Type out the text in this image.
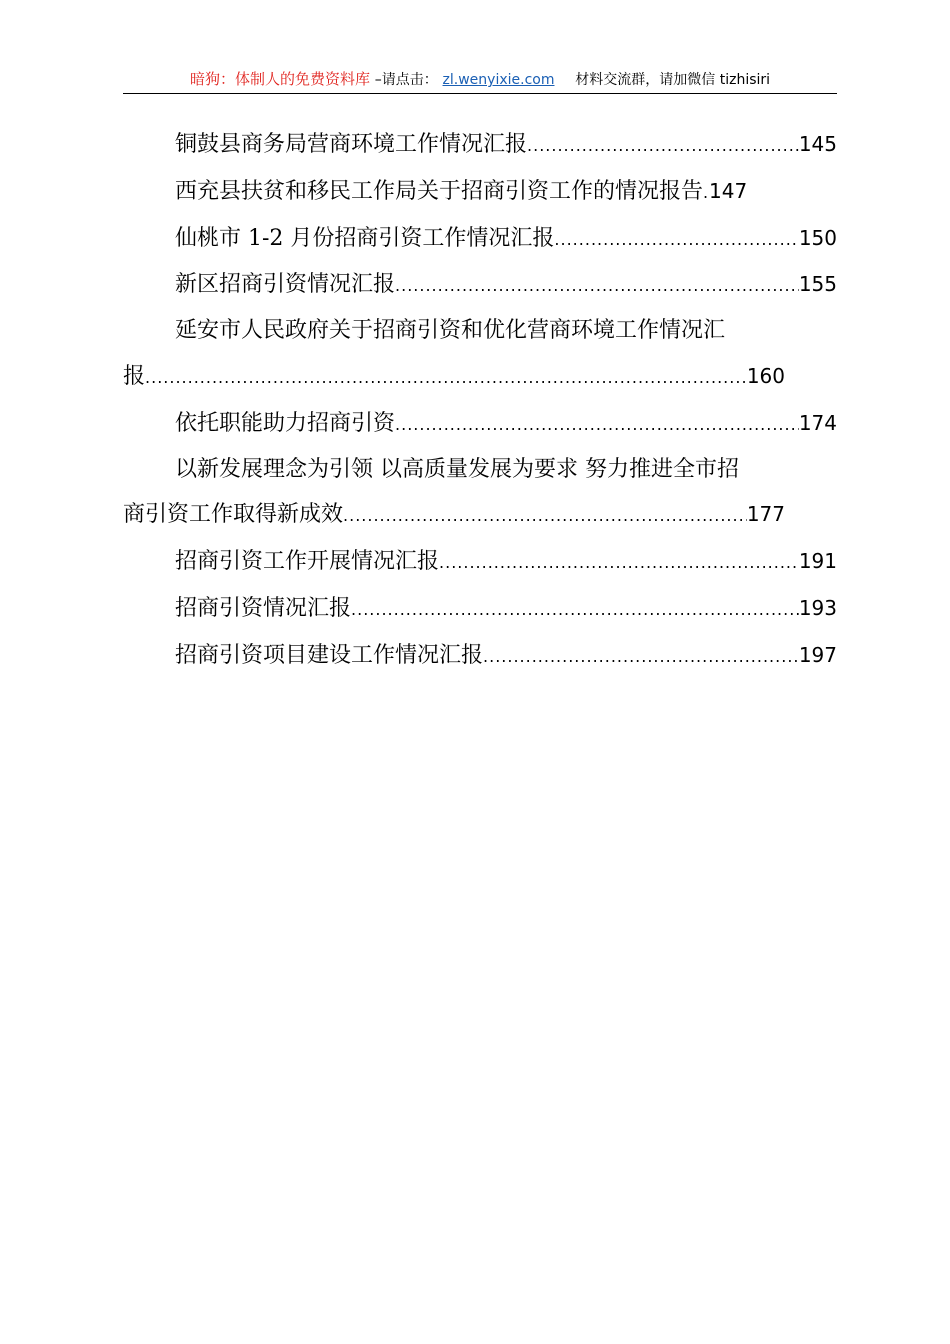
暗狗：体制人的免费资料库 –请点击： zl.wenyixie.com 材料交流群，请加微信 tizhisiri
铜鼓县商务局营商环境工作情况汇报 .....	145
西充县扶贫和移民工作局关于招商引资工作的情况报告 ..... 147
仙桃市 1-2 月份招商引资工作情况汇报 .....	150
新区招商引资情况汇报 .....	155
延安市人民政府关于招商引资和优化营商环境工作情况汇
报 .....	160
依托职能助力招商引资 .....	174
以新发展理念为引领 以高质量发展为要求 努力推进全市招
商引资工作取得新成效 .....	177
招商引资工作开展情况汇报 .....	191
招商引资情况汇报 .....	193
招商引资项目建设工作情况汇报 .....	197
